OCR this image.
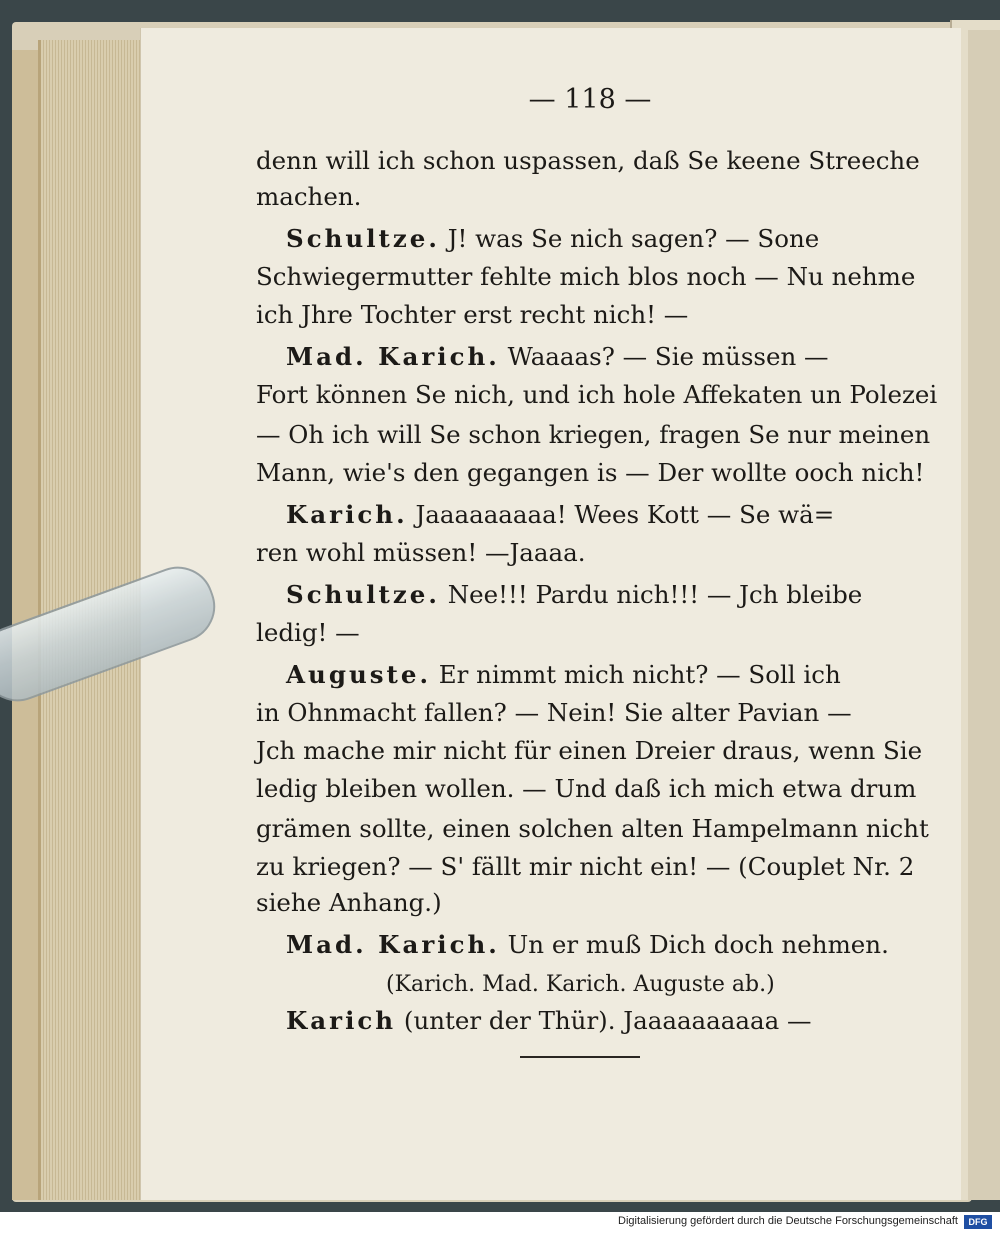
— 118 —
denn will ich schon uspassen, daß Se keene Streeche
machen.
Schultze. J! was Se nich sagen? — Sone
Schwiegermutter fehlte mich blos noch — Nu nehme
ich Jhre Tochter erst recht nich! —
Mad. Karich. Waaaas? — Sie müssen —
Fort können Se nich, und ich hole Affekaten un Polezei
— Oh ich will Se schon kriegen, fragen Se nur meinen
Mann, wie's den gegangen is — Der wollte ooch nich!
Karich. Jaaaaaaaaa! Wees Kott — Se wä=
ren wohl müssen! —Jaaaa.
Schultze. Nee!!! Pardu nich!!! — Jch bleibe
ledig! —
Auguste. Er nimmt mich nicht? — Soll ich
in Ohnmacht fallen? — Nein! Sie alter Pavian —
Jch mache mir nicht für einen Dreier draus, wenn Sie
ledig bleiben wollen. — Und daß ich mich etwa drum
grämen sollte, einen solchen alten Hampelmann nicht
zu kriegen? — S' fällt mir nicht ein! — (Couplet Nr. 2
siehe Anhang.)
Mad. Karich. Un er muß Dich doch nehmen.
(Karich. Mad. Karich. Auguste ab.)
Karich (unter der Thür). Jaaaaaaaaaa —
Digitalisierung gefördert durch die Deutsche Forschungsgemeinschaft	DFG
